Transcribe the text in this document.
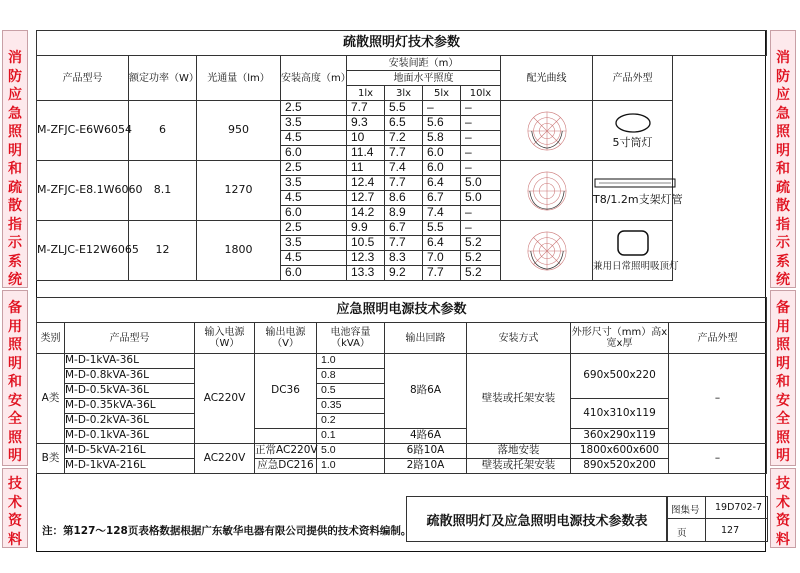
消防应急照明和疏散指示系统
备用照明和安全照明
技术资料
消防应急照明和疏散指示系统
备用照明和安全照明
技术资料
疏散照明灯技术参数									
产品型号	额定功率（W）	光通量（lm）	安装高度（m）	安装间距（m）				配光曲线	产品外型
				地面水平照度					
				1lx	3lx	5lx	10lx		
M-ZFJC-E6W6054	6	950	2.5	7.7	5.5	–	–		5寸筒灯
			3.5	9.3	6.5	5.6	–		
			4.5	10	7.2	5.8	–		
			6.0	11.4	7.7	6.0	–		
M-ZFJC-E8.1W6060	8.1	1270	2.5	11	7.4	6.0	–		T8/1.2m支架灯管
			3.5	12.4	7.7	6.4	5.0		
			4.5	12.7	8.6	6.7	5.0		
			6.0	14.2	8.9	7.4	–		
M-ZLJC-E12W6065	12	1800	2.5	9.9	6.7	5.5	–		兼用日常照明吸顶灯
			3.5	10.5	7.7	6.4	5.2		
			4.5	12.3	8.3	7.0	5.2		
			6.0	13.3	9.2	7.7	5.2		
应急照明电源技术参数								
类别	产品型号	输入电源（W）	输出电源（V）	电池容量（kVA）	输出回路	安装方式	外形尺寸（mm）高x宽x厚	产品外型
A类	M-D-1kVA-36L	AC220V	DC36	1.0	8路6A	壁装或托架安装	690x500x220	–
	M-D-0.8kVA-36L			0.8				
	M-D-0.5kVA-36L			0.5				
	M-D-0.35kVA-36L			0.35			410x310x119	
	M-D-0.2kVA-36L			0.2				
	M-D-0.1kVA-36L			0.1	4路6A		360x290x119	
B类	M-D-5kVA-216L	AC220V	正常AC220V	5.0	6路10A	落地安装	1800x600x600	–
	M-D-1kVA-216L		应急DC216	1.0	2路10A	壁装或托架安装	890x520x200	
注：第127～128页表格数据根据广东敏华电器有限公司提供的技术资料编制。
疏散照明灯及应急照明电源技术参数表
图集号 19D702-7
页	127
